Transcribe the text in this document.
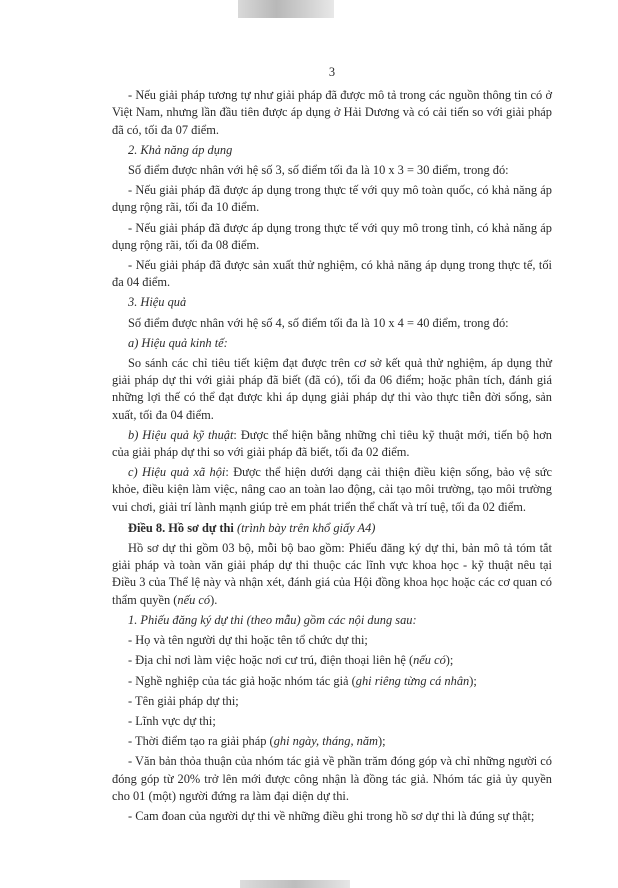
3

- Nếu giải pháp tương tự như giải pháp đã được mô tả trong các nguồn thông tin có ở Việt Nam, nhưng lần đầu tiên được áp dụng ở Hải Dương và có cải tiến so với giải pháp đã có, tối đa 07 điểm.

2. Khả năng áp dụng

Số điểm được nhân với hệ số 3, số điểm tối đa là 10 x 3 = 30 điểm, trong đó:

- Nếu giải pháp đã được áp dụng trong thực tế với quy mô toàn quốc, có khả năng áp dụng rộng rãi, tối đa 10 điểm.

- Nếu giải pháp đã được áp dụng trong thực tế với quy mô trong tỉnh, có khả năng áp dụng rộng rãi, tối đa 08 điểm.

- Nếu giải pháp đã được sản xuất thử nghiệm, có khả năng áp dụng trong thực tế, tối đa 04 điểm.

3. Hiệu quả

Số điểm được nhân với hệ số 4, số điểm tối đa là 10 x 4 = 40 điểm, trong đó:

a) Hiệu quả kinh tế:

So sánh các chỉ tiêu tiết kiệm đạt được trên cơ sở kết quả thử nghiệm, áp dụng thử giải pháp dự thi với giải pháp đã biết (đã có), tối đa 06 điểm; hoặc phân tích, đánh giá những lợi thế có thể đạt được khi áp dụng giải pháp dự thi vào thực tiễn đời sống, sản xuất, tối đa 04 điểm.

b) Hiệu quả kỹ thuật: Được thể hiện bằng những chỉ tiêu kỹ thuật mới, tiến bộ hơn của giải pháp dự thi so với giải pháp đã biết, tối đa 02 điểm.

c) Hiệu quả xã hội: Được thể hiện dưới dạng cải thiện điều kiện sống, bảo vệ sức khỏe, điều kiện làm việc, nâng cao an toàn lao động, cải tạo môi trường, tạo môi trường vui chơi, giải trí lành mạnh giúp trẻ em phát triển thể chất và trí tuệ, tối đa 02 điểm.

Điều 8. Hồ sơ dự thi (trình bày trên khổ giấy A4)

Hồ sơ dự thi gồm 03 bộ, mỗi bộ bao gồm: Phiếu đăng ký dự thi, bản mô tả tóm tắt giải pháp và toàn văn giải pháp dự thi thuộc các lĩnh vực khoa học - kỹ thuật nêu tại Điều 3 của Thể lệ này và nhận xét, đánh giá của Hội đồng khoa học hoặc các cơ quan có thẩm quyền (nếu có).

1. Phiếu đăng ký dự thi (theo mẫu) gồm các nội dung sau:

- Họ và tên người dự thi hoặc tên tổ chức dự thi;

- Địa chỉ nơi làm việc hoặc nơi cư trú, điện thoại liên hệ (nếu có);

- Nghề nghiệp của tác giả hoặc nhóm tác giả (ghi riêng từng cá nhân);

- Tên giải pháp dự thi;

- Lĩnh vực dự thi;

- Thời điểm tạo ra giải pháp (ghi ngày, tháng, năm);

- Văn bản thỏa thuận của nhóm tác giả về phần trăm đóng góp và chỉ những người có đóng góp từ 20% trở lên mới được công nhận là đồng tác giả. Nhóm tác giả ủy quyền cho 01 (một) người đứng ra làm đại diện dự thi.

- Cam đoan của người dự thi về những điều ghi trong hồ sơ dự thi là đúng sự thật;
